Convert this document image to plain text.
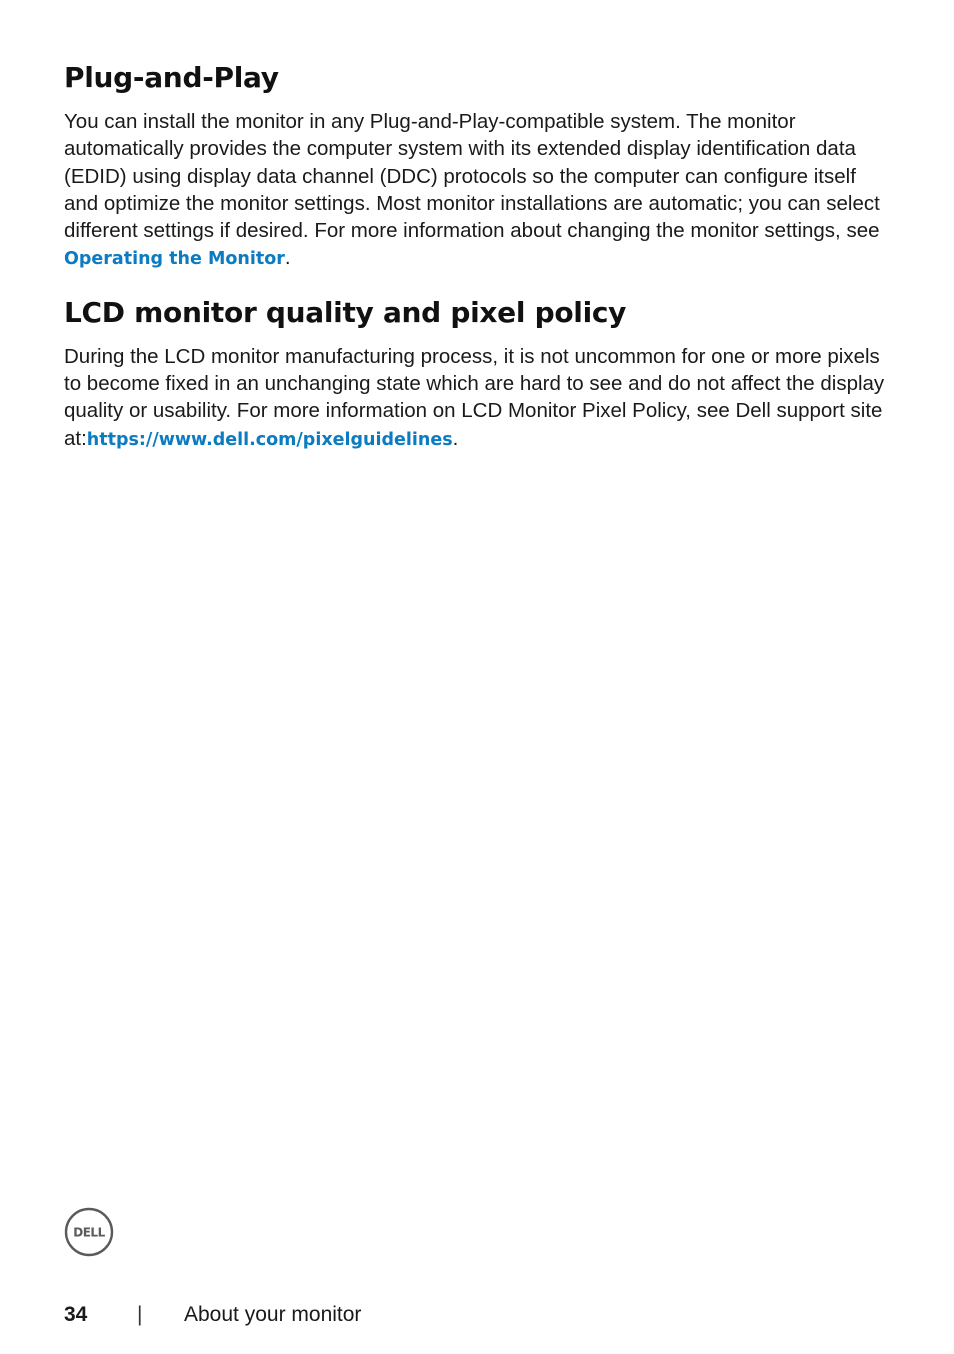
Plug-and-Play

You can install the monitor in any Plug-and-Play-compatible system. The monitor automatically provides the computer system with its extended display identification data (EDID) using display data channel (DDC) protocols so the computer can configure itself and optimize the monitor settings. Most monitor installations are automatic; you can select different settings if desired. For more information about changing the monitor settings, see Operating the Monitor.

LCD monitor quality and pixel policy

During the LCD monitor manufacturing process, it is not uncommon for one or more pixels to become fixed in an unchanging state which are hard to see and do not affect the display quality or usability. For more information on LCD Monitor Pixel Policy, see Dell support site at:https://www.dell.com/pixelguidelines.

DELL
34 | About your monitor
